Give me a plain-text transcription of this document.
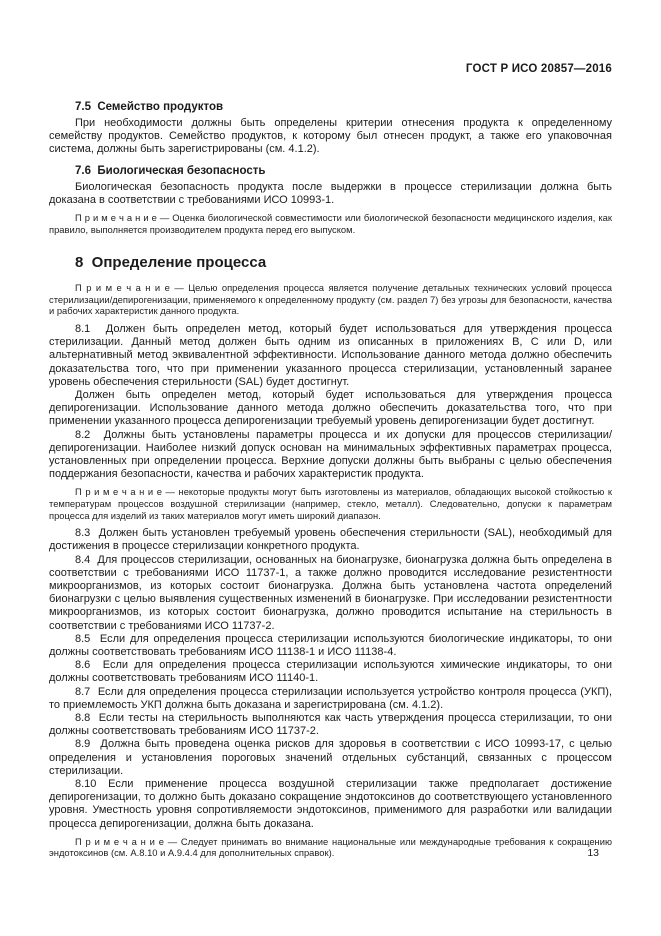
ГОСТ Р ИСО 20857—2016
7.5  Семейство продуктов

При необходимости должны быть определены критерии отнесения продукта к определенному семейству продуктов. Семейство продуктов, к которому был отнесен продукт, а также его упаковочная система, должны быть зарегистрированы (см. 4.1.2).

7.6  Биологическая безопасность

Биологическая безопасность продукта после выдержки в процессе стерилизации должна быть доказана в соответствии с требованиями ИСО 10993-1.

П р и м е ч а н и е — Оценка биологической совместимости или биологической безопасности медицинского изделия, как правило, выполняется производителем продукта перед его выпуском.

8  Определение процесса

П р и м е ч а н и е — Целью определения процесса является получение детальных технических условий процесса стерилизации/депирогенизации, применяемого к определенному продукту (см. раздел 7) без угрозы для безопасности, качества и рабочих характеристик данного продукта.

8.1  Должен быть определен метод, который будет использоваться для утверждения процесса стерилизации. Данный метод должен быть одним из описанных в приложениях B, C или D, или альтернативный метод эквивалентной эффективности. Использование данного метода должно обеспечить доказательства того, что при применении указанного процесса стерилизации, установленный заранее уровень обеспечения стерильности (SAL) будет достигнут.

Должен быть определен метод, который будет использоваться для утверждения процесса депирогенизации. Использование данного метода должно обеспечить доказательства того, что при применении указанного процесса депирогенизации требуемый уровень депирогенизации будет достигнут.

8.2  Должны быть установлены параметры процесса и их допуски для процессов стерилизации/депирогенизации. Наиболее низкий допуск основан на минимальных эффективных параметрах процесса, установленных при определении процесса. Верхние допуски должны быть выбраны с целью обеспечения поддержания безопасности, качества и рабочих характеристик продукта.

П р и м е ч а н и е — некоторые продукты могут быть изготовлены из материалов, обладающих высокой стойкостью к температурам процессов воздушной стерилизации (например, стекло, металл). Следовательно, допуски к параметрам процесса для изделий из таких материалов могут иметь широкий диапазон.

8.3  Должен быть установлен требуемый уровень обеспечения стерильности (SAL), необходимый для достижения в процессе стерилизации конкретного продукта.

8.4  Для процессов стерилизации, основанных на бионагрузке, бионагрузка должна быть определена в соответствии с требованиями ИСО 11737-1, а также должно проводится исследование резистентности микроорганизмов, из которых состоит бионагрузка. Должна быть установлена частота определений бионагрузки с целью выявления существенных изменений в бионагрузке. При исследовании резистентности микроорганизмов, из которых состоит бионагрузка, должно проводится испытание на стерильность в соответствии с требованиями ИСО 11737-2.

8.5  Если для определения процесса стерилизации используются биологические индикаторы, то они должны соответствовать требованиям ИСО 11138-1 и ИСО 11138-4.

8.6  Если для определения процесса стерилизации используются химические индикаторы, то они должны соответствовать требованиям ИСО 11140-1.

8.7  Если для определения процесса стерилизации используется устройство контроля процесса (УКП), то приемлемость УКП должна быть доказана и зарегистрирована (см. 4.1.2).

8.8  Если тесты на стерильность выполняются как часть утверждения процесса стерилизации, то они должны соответствовать требованиям ИСО 11737-2.

8.9  Должна быть проведена оценка рисков для здоровья в соответствии с ИСО 10993-17, с целью определения и установления пороговых значений отдельных субстанций, связанных с процессом стерилизации.

8.10 Если применение процесса воздушной стерилизации также предполагает достижение депирогенизации, то должно быть доказано сокращение эндотоксинов до соответствующего установленного уровня. Уместность уровня сопротивляемости эндотоксинов, применимого для разработки или валидации процесса депирогенизации, должна быть доказана.

П р и м е ч а н и е — Следует принимать во внимание национальные или международные требования к сокращению эндотоксинов (см. А.8.10 и А.9.4.4 для дополнительных справок).	13
